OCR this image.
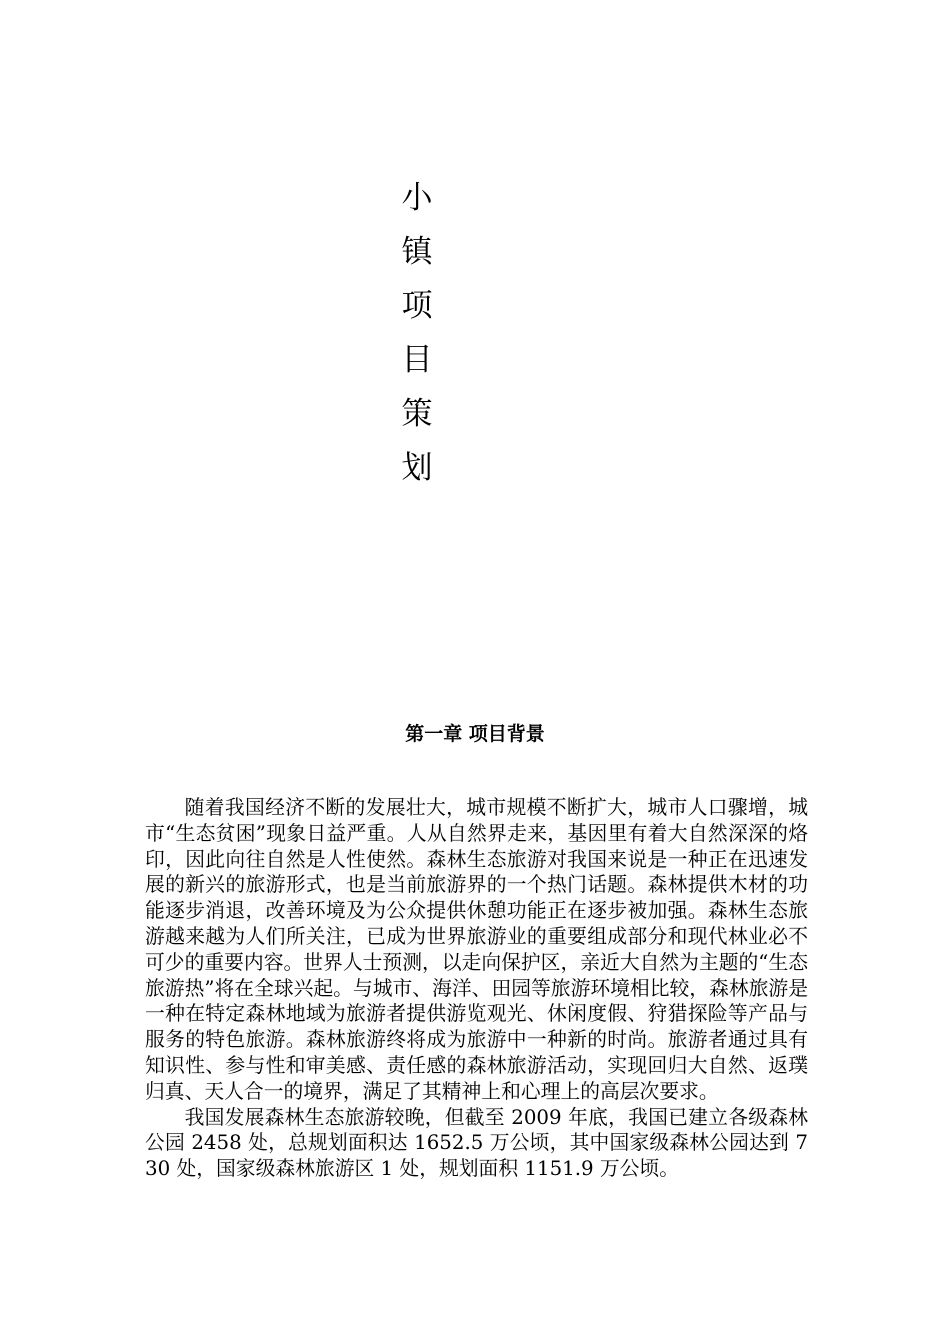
小
镇
项
目
策
划
第一章 项目背景

随着我国经济不断的发展壮大，城市规模不断扩大，城市人口骤增，城市“生态贫困”现象日益严重。人从自然界走来，基因里有着大自然深深的烙印，因此向往自然是人性使然。森林生态旅游对我国来说是一种正在迅速发展的新兴的旅游形式，也是当前旅游界的一个热门话题。森林提供木材的功能逐步消退，改善环境及为公众提供休憩功能正在逐步被加强。森林生态旅游越来越为人们所关注，已成为世界旅游业的重要组成部分和现代林业必不可少的重要内容。世界人士预测，以走向保护区，亲近大自然为主题的“生态旅游热”将在全球兴起。与城市、海洋、田园等旅游环境相比较，森林旅游是一种在特定森林地域为旅游者提供游览观光、休闲度假、狩猎探险等产品与服务的特色旅游。森林旅游终将成为旅游中一种新的时尚。旅游者通过具有知识性、参与性和审美感、责任感的森林旅游活动，实现回归大自然、返璞归真、天人合一的境界，满足了其精神上和心理上的高层次要求。

我国发展森林生态旅游较晚，但截至 2009 年底，我国已建立各级森林公园 2458 处，总规划面积达 1652.5 万公顷，其中国家级森林公园达到 730 处，国家级森林旅游区 1 处，规划面积 1151.9 万公顷。
